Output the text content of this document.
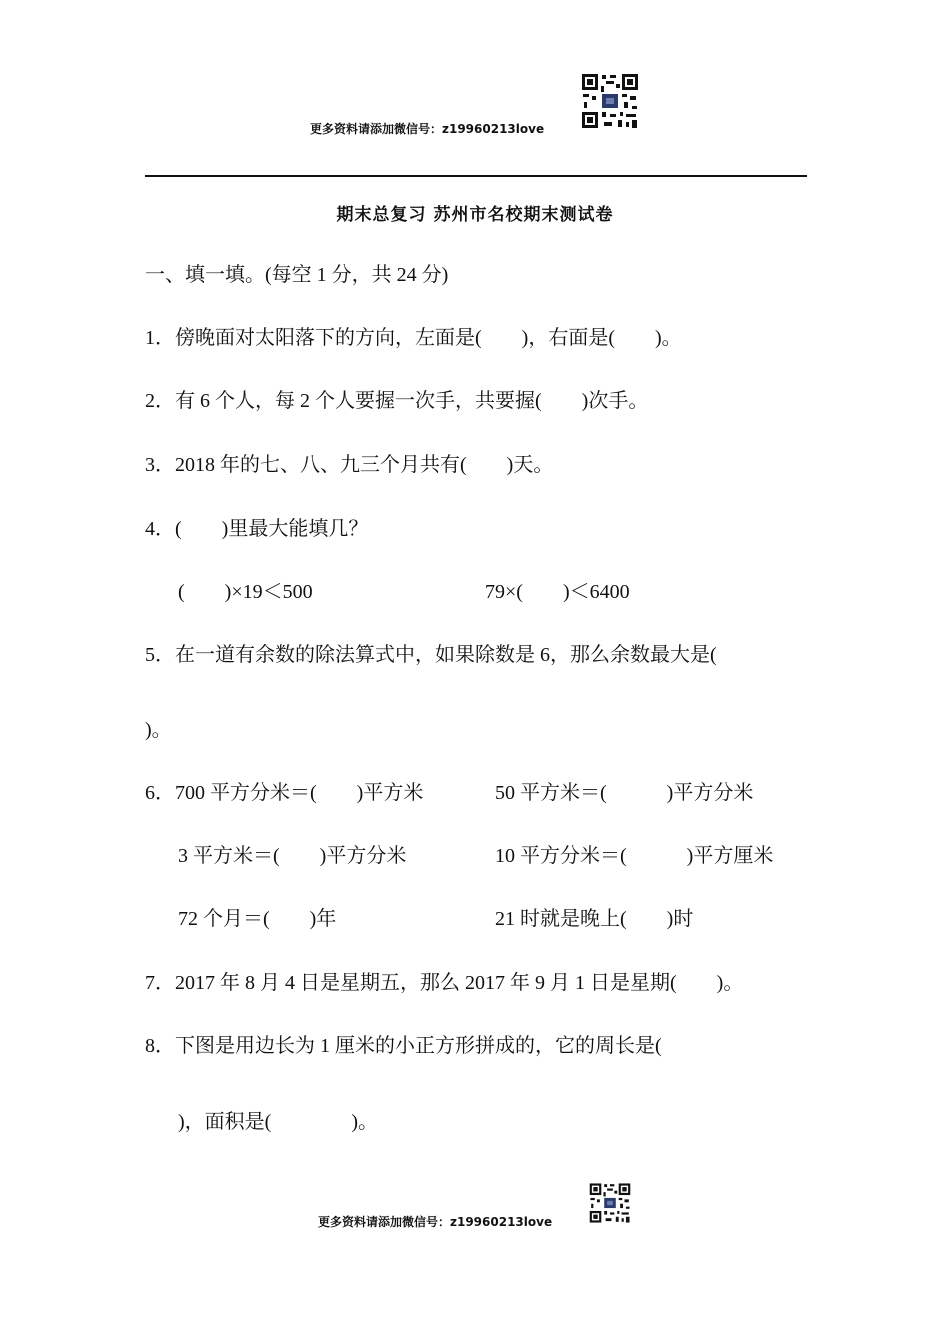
更多资料请添加微信号：z19960213love
期末总复习 苏州市名校期末测试卷
一、填一填。(每空 1 分，共 24 分)
1．傍晚面对太阳落下的方向，左面是(　　)，右面是(　　)。
2．有 6 个人，每 2 个人要握一次手，共要握(　　)次手。
3．2018 年的七、八、九三个月共有(　　)天。
4．(　　)里最大能填几？
(　　)×19＜500	79×(　　)＜6400
5．在一道有余数的除法算式中，如果除数是 6，那么余数最大是(
)。
6．700 平方分米＝(　　)平方米	50 平方米＝(　　　)平方分米
3 平方米＝(　　)平方分米	10 平方分米＝(　　　)平方厘米
72 个月＝(　　)年	21 时就是晚上(　　)时
7．2017 年 8 月 4 日是星期五，那么 2017 年 9 月 1 日是星期(　　)。
8．下图是用边长为 1 厘米的小正方形拼成的，它的周长是(
)，面积是(　　　　)。
更多资料请添加微信号：z19960213love
